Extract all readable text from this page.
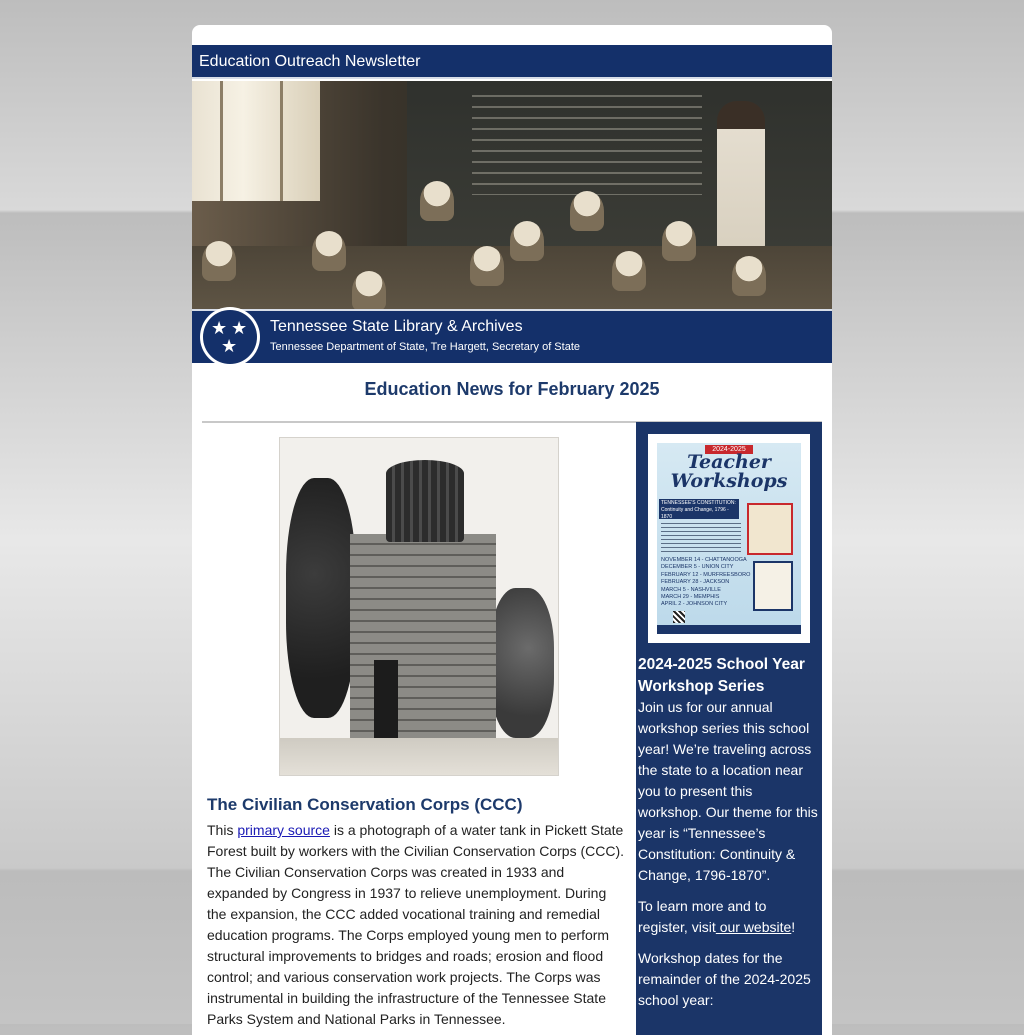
Education Outreach Newsletter
★ ★
★
Tennessee State Library & Archives
Tennessee Department of State, Tre Hargett, Secretary of State
Education News for February 2025
The Civilian Conservation Corps (CCC)
This primary source is a photograph of a water tank in Pickett State Forest built by workers with the Civilian Conservation Corps (CCC). The Civilian Conservation Corps was created in 1933 and expanded by Congress in 1937 to relieve unemployment. During the expansion, the CCC added vocational training and remedial education programs. The Corps employed young men to perform structural improvements to bridges and roads; erosion and flood control; and various conservation work projects. The Corps was instrumental in building the infrastructure of the Tennessee State Parks System and National Parks in Tennessee.
2024-2025
Teacher Workshops
TENNESSEE'S CONSTITUTION: Continuity and Change, 1796 - 1870
NOVEMBER 14 - CHATTANOOGA
DECEMBER 5 - UNION CITY
FEBRUARY 12 - MURFREESBORO
FEBRUARY 28 - JACKSON
MARCH 5 - NASHVILLE
MARCH 29 - MEMPHIS
APRIL 2 - JOHNSON CITY
2024-2025 School Year Workshop Series
Join us for our annual workshop series this school year! We’re traveling across the state to a location near you to present this workshop. Our theme for this year is “Tennessee’s Constitution: Continuity & Change, 1796-1870”.
To learn more and to register, visit our website!
Workshop dates for the remainder of the 2024-2025 school year:
